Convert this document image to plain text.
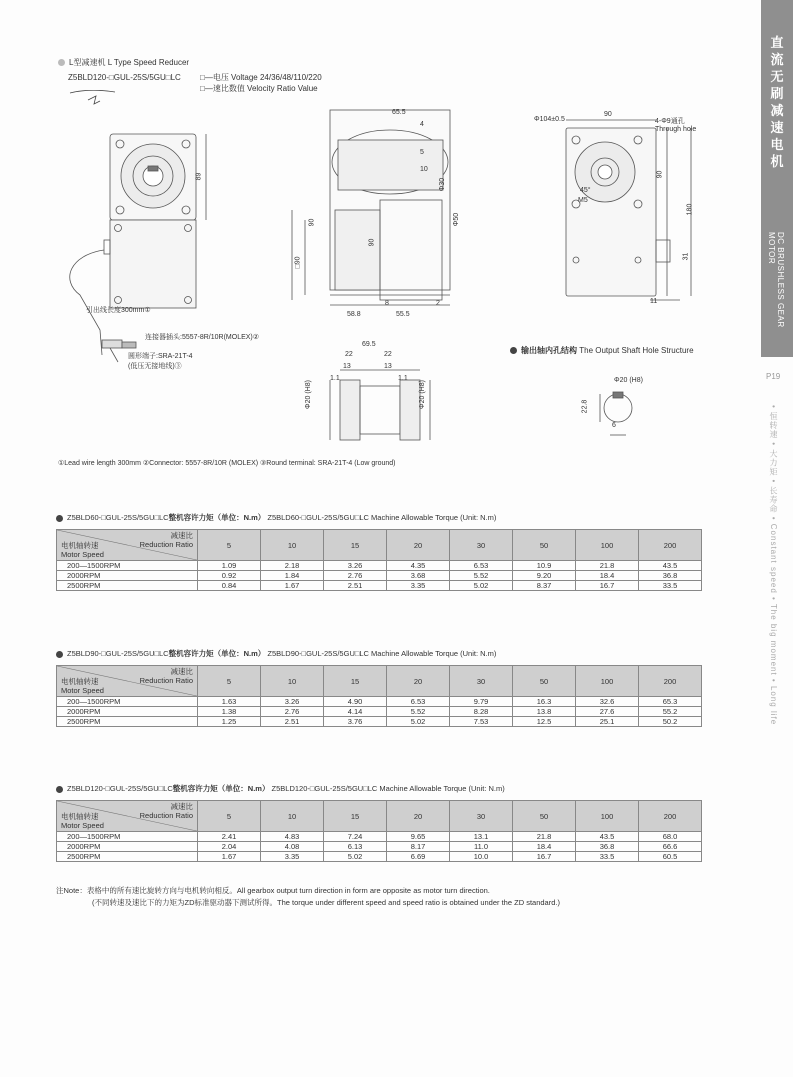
直流无刷减速电机
DC BRUSHLESS GEAR MOTOR
P19
• 恒转速 • 大力矩 • 长寿命 • Constant speed • The big moment • Long life
L型减速机 L Type Speed Reducer
Z5BLD120-□GUL-25S/5GU□LC □—电压 Voltage 24/36/48/110/220
□—速比数值 Velocity Ratio Value
89
90
□90
65.5
4
5
10
Φ30
Φ50
90
8	2
58.8	55.5
Φ104±0.5
90
4-Φ9通孔
Through hole
90
180
31
11
45°
M5
69.5
22	22
13	13
1.1	1.1
Φ20 (H8)	Φ20 (H8)
引出线长度300mm①
连接器插头:5557-8R/10R(MOLEX)②
圆形端子:SRA-21T-4
(低压无接地线)③
输出轴内孔结构 The Output Shaft Hole Structure
Φ20 (H8)
22.8
6
①Lead wire length 300mm ②Connector: 5557-8R/10R (MOLEX) ③Round terminal: SRA-21T-4 (Low ground)
Z5BLD60-□GUL-25S/5GU□LC整机容许力矩（单位：N.m） Z5BLD60-□GUL-25S/5GU□LC Machine Allowable Torque (Unit: N.m)
减速比
Reduction Ratio
电机轴转速
Motor Speed	5	10	15	20	30	50	100	200
200—1500RPM	1.09	2.18	3.26	4.35	6.53	10.9	21.8	43.5
2000RPM	0.92	1.84	2.76	3.68	5.52	9.20	18.4	36.8
2500RPM	0.84	1.67	2.51	3.35	5.02	8.37	16.7	33.5
Z5BLD90-□GUL-25S/5GU□LC整机容许力矩（单位：N.m） Z5BLD90-□GUL-25S/5GU□LC Machine Allowable Torque (Unit: N.m)
减速比
Reduction Ratio
电机轴转速
Motor Speed	5	10	15	20	30	50	100	200
200—1500RPM	1.63	3.26	4.90	6.53	9.79	16.3	32.6	65.3
2000RPM	1.38	2.76	4.14	5.52	8.28	13.8	27.6	55.2
2500RPM	1.25	2.51	3.76	5.02	7.53	12.5	25.1	50.2
Z5BLD120-□GUL-25S/5GU□LC整机容许力矩（单位：N.m） Z5BLD120-□GUL-25S/5GU□LC Machine Allowable Torque (Unit: N.m)
减速比
Reduction Ratio
电机轴转速
Motor Speed	5	10	15	20	30	50	100	200
200—1500RPM	2.41	4.83	7.24	9.65	13.1	21.8	43.5	68.0
2000RPM	2.04	4.08	6.13	8.17	11.0	18.4	36.8	66.6
2500RPM	1.67	3.35	5.02	6.69	10.0	16.7	33.5	60.5
注Note：表格中的所有速比旋转方向与电机转向相反。All gearbox output turn direction in form are opposite as motor turn direction.
(不同转速及速比下的力矩为ZD标准驱动器下测试所得。The torque under different speed and speed ratio is obtained under the ZD standard.)
